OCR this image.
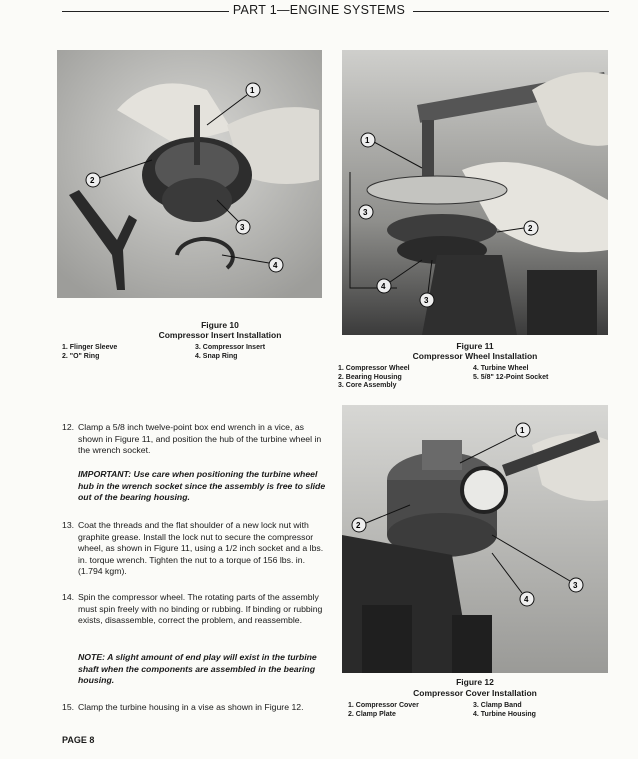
PART 1—ENGINE SYSTEMS
1
2
3
4
Figure 10
Compressor Insert Installation
1. Flinger Sleeve
2. "O" Ring
3. Compressor Insert
4. Snap Ring
1
3
2
4
3
Figure 11
Compressor Wheel Installation
1. Compressor Wheel
2. Bearing Housing
3. Core Assembly
4. Turbine Wheel
5. 5/8" 12-Point Socket
1
2
3
4
Figure 12
Compressor Cover Installation
1. Compressor Cover
2. Clamp Plate
3. Clamp Band
4. Turbine Housing
12. Clamp a 5/8 inch twelve-point box end wrench in a vice, as shown in Figure 11, and position the hub of the turbine wheel in the wrench socket.
IMPORTANT: Use care when positioning the turbine wheel hub in the wrench socket since the assembly is free to slide out of the bearing housing.
13. Coat the threads and the flat shoulder of a new lock nut with graphite grease. Install the lock nut to secure the compressor wheel, as shown in Figure 11, using a 1/2 inch socket and a lbs. in. torque wrench. Tighten the nut to a torque of 156 lbs. in. (1.794 kgm).
14. Spin the compressor wheel. The rotating parts of the assembly must spin freely with no binding or rubbing. If binding or rubbing exists, disassemble, correct the problem, and reassemble.
NOTE: A slight amount of end play will exist in the turbine shaft when the components are assembled in the bearing housing.
15. Clamp the turbine housing in a vise as shown in Figure 12.
PAGE 8
